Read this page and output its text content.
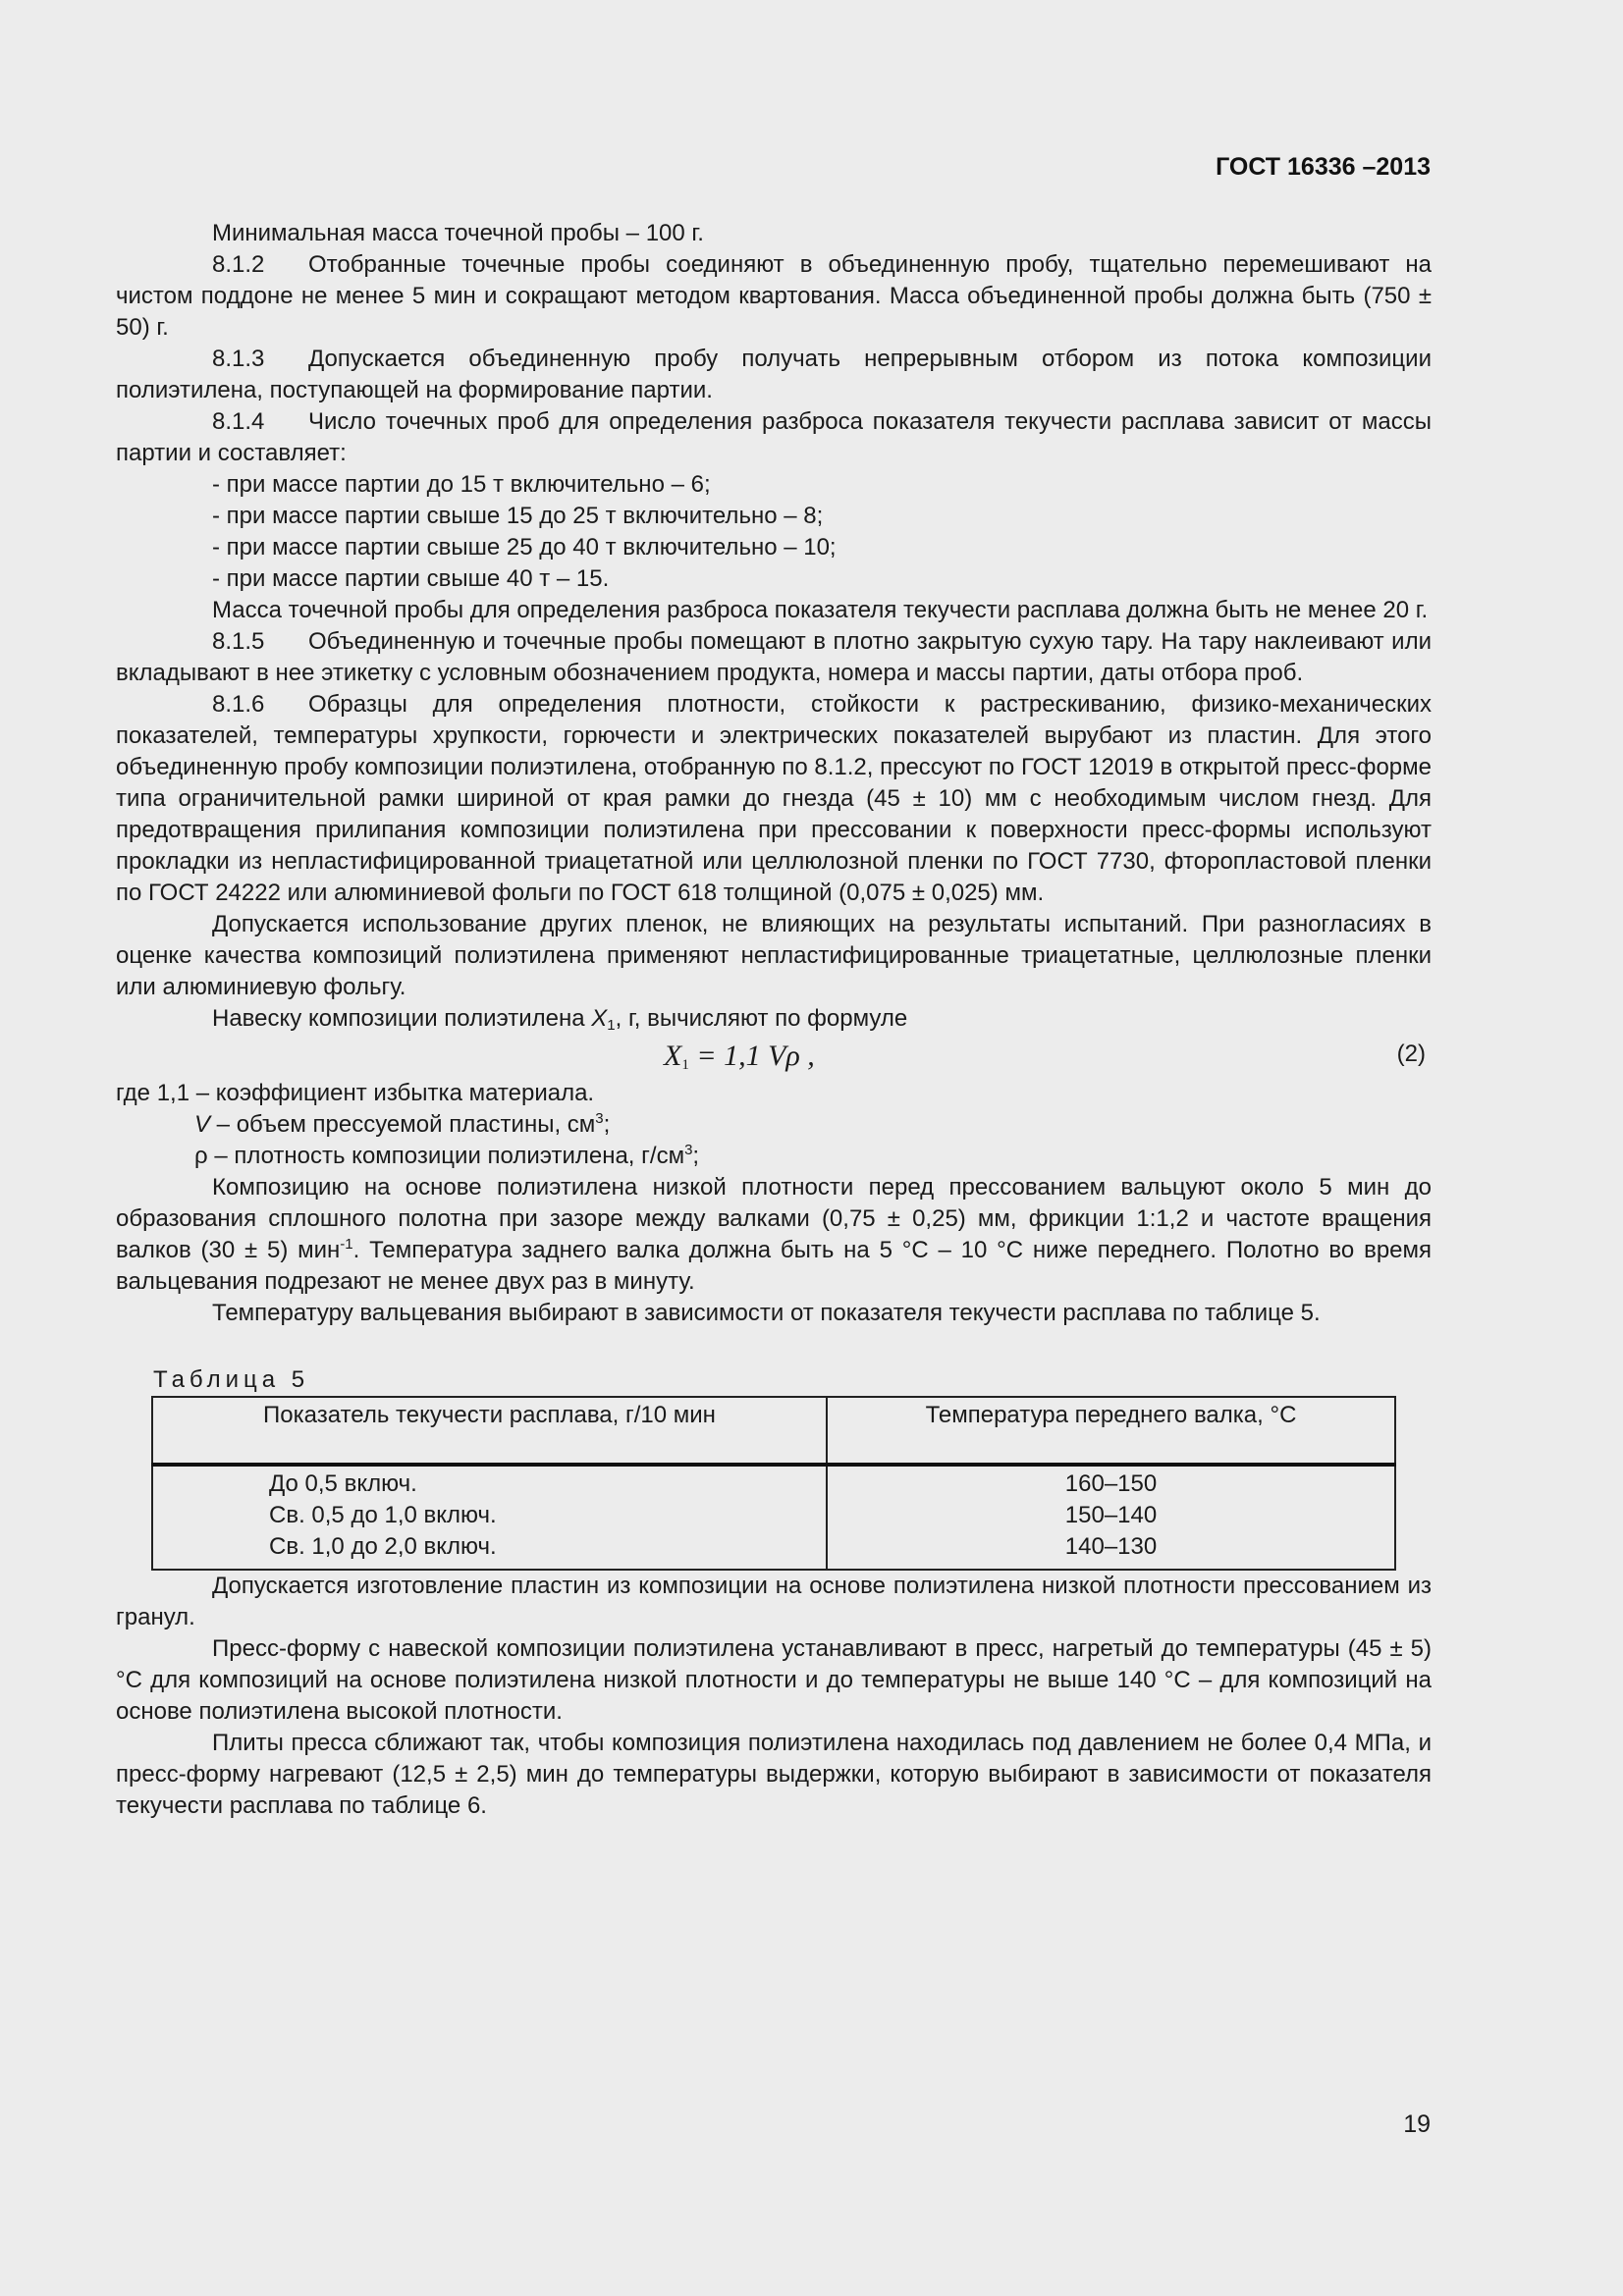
ГОСТ 16336 –2013

Минимальная масса точечной пробы – 100 г.

8.1.2 Отобранные точечные пробы соединяют в объединенную пробу, тщательно перемешивают на чистом поддоне не менее 5 мин и сокращают методом квартования. Масса объединенной пробы должна быть (750 ± 50) г.

8.1.3 Допускается объединенную пробу получать непрерывным отбором из потока композиции полиэтилена, поступающей на формирование партии.

8.1.4 Число точечных проб для определения разброса показателя текучести расплава зависит от массы партии и составляет:

- при массе партии до 15 т включительно – 6;

- при массе партии свыше 15 до 25 т включительно – 8;

- при массе партии свыше 25 до 40 т включительно – 10;

- при массе партии свыше 40 т – 15.

Масса точечной пробы для определения разброса показателя текучести расплава должна быть не менее 20 г.

8.1.5 Объединенную и точечные пробы помещают в плотно закрытую сухую тару. На тару наклеивают или вкладывают в нее этикетку с условным обозначением продукта, номера и массы партии, даты отбора проб.

8.1.6 Образцы для определения плотности, стойкости к растрескиванию, физико-механических показателей, температуры хрупкости, горючести и электрических показателей вырубают из пластин. Для этого объединенную пробу композиции полиэтилена, отобранную по 8.1.2, прессуют по ГОСТ 12019 в открытой пресс-форме типа ограничительной рамки шириной от края рамки до гнезда (45 ± 10) мм с необходимым числом гнезд. Для предотвращения прилипания композиции полиэтилена при прессовании к поверхности пресс-формы используют прокладки из непластифицированной триацетатной или целлюлозной пленки по ГОСТ 7730, фторопластовой пленки по ГОСТ 24222 или алюминиевой фольги по ГОСТ 618 толщиной (0,075 ± 0,025) мм.

Допускается использование других пленок, не влияющих на результаты испытаний. При разногласиях в оценке качества композиций полиэтилена применяют непластифицированные триацетатные, целлюлозные пленки или алюминиевую фольгу.

Навеску композиции полиэтилена $X_1$, г, вычисляют по формуле

$X_1 = 1,1$ Vρ ,	(2)

где 1,1 – коэффициент избытка материала.

V – объем прессуемой пластины, $см^3$;

ρ – плотность композиции полиэтилена, $г/см^3$;

Композицию на основе полиэтилена низкой плотности перед прессованием вальцуют около 5 мин до образования сплошного полотна при зазоре между валками (0,75 ± 0,25) мм, фрикции 1:1,2 и частоте вращения валков (30 ± 5) мин$^{-1}$. Температура заднего валка должна быть на 5 °С – 10 °С ниже переднего. Полотно во время вальцевания подрезают не менее двух раз в минуту.

Температуру вальцевания выбирают в зависимости от показателя текучести расплава по таблице 5.

Таблица 5
Показатель текучести расплава, г/10 мин	Температура переднего валка, °С
До 0,5 включ.	160–150
Св. 0,5 до 1,0 включ.	150–140
Св. 1,0 до 2,0 включ.	140–130

Допускается изготовление пластин из композиции на основе полиэтилена низкой плотности прессованием из гранул.

Пресс-форму с навеской композиции полиэтилена устанавливают в пресс, нагретый до температуры (45 ± 5) °С для композиций на основе полиэтилена низкой плотности и до температуры не выше 140 °С – для композиций на основе полиэтилена высокой плотности.

Плиты пресса сближают так, чтобы композиция полиэтилена находилась под давлением не более 0,4 МПа, и пресс-форму нагревают (12,5 ± 2,5) мин до температуры выдержки, которую выбирают в зависимости от показателя текучести расплава по таблице 6.

19
